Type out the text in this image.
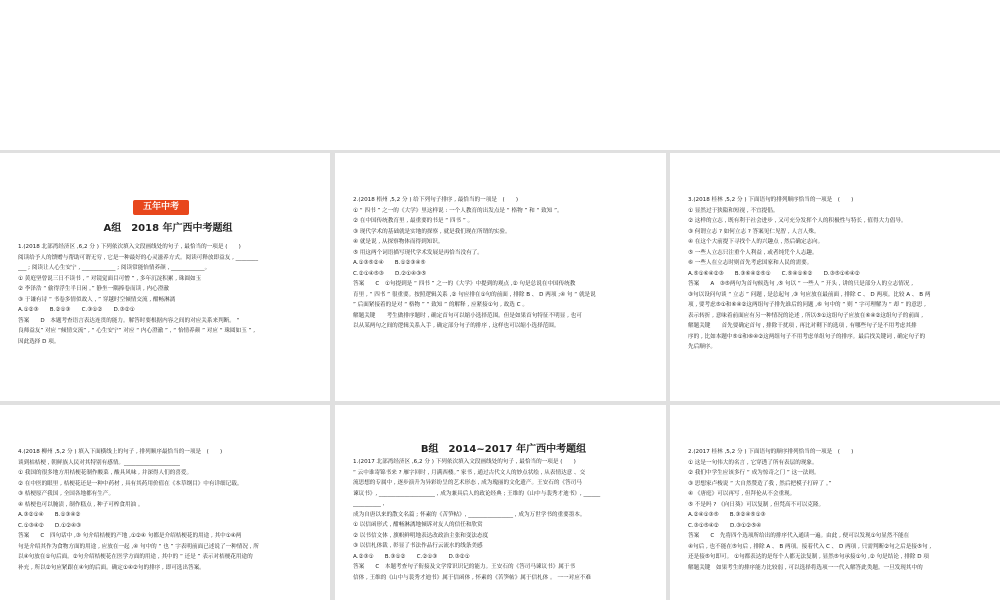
五年中考
A组　2018 年广西中考题组
1.(2018 北部湾经济区 ,6,2 分 ) 下列依次填入文段画线处的句子 , 最恰当的一项是 (　　)
阅读给予人的馈赠与帮助可谓无穷 , 它是一种最好的心灵滋养方式。阅读可释放即益友 , ________
___ ; 阅读让人心生安宁 , ____________ ; 阅读常能怡情养颜 , ____________。
① 黄庭坚曾说三日不读书 , “ 对镜觉面目可憎 ” , 多年沉淀积累 , 珠圆如玉
② 李泽浩 “ 偷得浮生半日闲 。” 静坐一隅捧卷而读 , 内心澄澈
③ 于谦有诗 “ 书卷多情似故人 , ” 穿越时空倾情交流 , 酣畅淋漓
A.①②③　　B.②①③　　C.③①②　　D.③②①
答案　　D　本题考查语言表达连贯的能力。解答时要根据内容之间的对应关系来判断。 “
良师益友” 对应 “倾情交流” , “ 心生安宁” 对应 “ 内心澄澈 ” , “ 怡情养颜 ” 对应 “ 珠圆如玉 ” ,
因此选择 D 项。
2.(2018 梧州 ,5,2 分 ) 给下列句子排序 , 最恰当的一项是　(　　)
① “ 四书 ” 之一的《大学》里这样说 : 一个人教育的出发点是 “ 格物 ” 和 “ 致知 ”。
② 在中国传统教育里 , 最重要的书是 “ 四书 ” 。
③ 现代学术的基础就是实地的探察 , 就是我们现在所谓的实验。
④ 就是说 , 从探察物体而得到知识。
⑤ 用这两个词语描写现代学术发展是再恰当没有了。
A.①③⑤②④　　B.①②③④⑤
C.②①④⑤③　　D.②①④③⑤
答案　　C　①句提到是 “ 四书 ” 之一的《大学》中提到的观点 ,② 句是总说在中国传统教
育里 , “ 四书 ” 很重要。按照逻辑关系 ,② 句应排在①句的前面 , 排除 B 、 D 两项 ;④ 句 “ 就是说
” 后面紧接着的是对 “ 格物 ” “ 致知 ” 的解释 , 应紧接①句 , 故选 C 。
解题关键　　考生做排序题时 , 确定首句可以缩小选择范围。但是如果首句特征不明显 , 也可
以从某两句之间的逻辑关系入手 , 确定部分句子的排序 , 这样也可以缩小选择范围。
3.(2018 桂林 ,5,2 分 ) 下面语句的排列顺序恰当的一项是　(　　)
① 显然过于狭隘和短视 , 不宜提倡。
② 这样的立志 , 既有利于社会进步 , 又可充分发挥个人的积极性与特长 , 值得大力倡导。
③ 何谓立志 ? 如何立志 ? 答案见仁见智 , 人言人殊。
④ 在这个大前提下寻找个人的兴趣点 , 然后确定志向。
⑤ 一些人立志只注重个人利益 , 或者纯凭个人志趣。
⑥ 一些人在立志时则首先考虑国家和人民的需要。
A.⑤①⑥④②③　　B.③⑥④②⑤①　　C.⑤④①⑥②　　D.③⑤①⑥④②
答案　　A　③⑤两句为首句候选句 ,⑤ 句以 “ 一些人 ” 开头 , 讲的只是部分人的立志情况 ,
③句以设问句谈 “ 立志 ” 问题 , 是总起句 ,③ 句应放在最前面 , 排除 C 、 D 两项。比较 A 、 B 两
项 , 要考虑⑤①和⑥④②这两组句子排先谁后的问题 ,⑥ 句中的 “ 则 ” 字可理解为 “ 却 ” 的意思 ,
表示转折 , 意味着前面应有另一种情况的论述 , 所以⑤①这组句子应放在⑥④②这组句子的前面 ,
解题关键　　首先要确定首句 , 排除干扰项 , 再比对剩下的选项 , 有哪些句子是不用考虑其排
序的 , 比如本题中⑤①和⑥④②这两组句子不用考虑单组句子的排序。最后找关键词 , 确定句子的
先后顺序。
4.(2018 柳州 ,5,2 分 ) 填入下面横线上的句子 , 排列顺序最恰当的一项是　(　　)
谈到枯桔梗 , 朝鲜族人民对其特别有感情。____________________
① 我国的很多地方用桔梗花制作酸菜 , 酸具风味 , 并深得人们的喜爱。
② 在中医的眼里 , 桔梗花还是一种中药材 , 具有其药用价值在《本草纲目》中有详细记载。
③ 桔梗原产我国 , 全国各地都有生产。
④ 桔梗也可以腌渍 , 制作糕点 , 种子可榨食用油 。
A.③②①④　　B.①③④②
C.①③④②　　D.①②④③
答案　　C　四句话中 ,③ 句介绍桔梗的产地 ,①②④ 句都是介绍桔梗花的用途 , 其中①④两
句是介绍其作为食物方面的用途 , 应放在一起 ,④ 句中的 “ 也 ” 字表明前面已述说了一种情况 , 所
以④句放在①句后面。②句介绍桔梗花在医学方面的用途 , 其中的 “ 还是 ” 表示对桔梗花用途的
补充 , 所以②句应紧跟在④句的后面。确定①④②句的排序 , 即可选出答案。
B组　2014~2017 年广西中考题组
1.(2017 北部湾经济区 ,6,2 分 ) 下列依次填入文段画线处的句子 , 最恰当的一项是 (　　)
“ 云中谁寄锦书来 ? 雁字回时 , 月满西楼。” 家书 , 通过古代文人的妙点状绘 , 从表情达意 、交
流思想的专属中 , 逐步演升为异彩纷呈的艺术形态 , 成为瑰丽的文化遗产。王安石的《答司马
谏议书》, ____________________ , 成为兼具后人的政论经典 ; 王维的《山中与裴秀才迪书》, ______
__________ ,
成为自唐以来的散文名篇 ; 怀素的《苦笋帖》, ________________ , 成为万世学书的重要墨本。
① 以信函形式 , 酣畅淋漓地倾诉对友人的信任和欣赏
② 以书信文体 , 旗帜鲜明地表达改政治主张和变法态度
③ 以信札体裁 , 彰显了书法作品行云流水的线条美感
A.②③①　　B.③①②　　C.②①③　　D.③②①
答案　　C　本题考查句子衔接及文学常识识记的能力。王安石的《答司马谏议书》属于书
信体 , 王维的《山中与裴秀才迪书》属于信函体 , 怀素的《苦笋帖》属于信札体 。 一一对应不难
2.(2017 桂林 ,5,2 分 ) 下面语句的顺序排列恰当的一项是　(　　)
① 这是一句伟大的名言 , 它穿透了所有表层的现象。
② 我们中学生应该多行 “ 成为惊奇之门 ” 这一法则。
③ 思想家卢梭说 “ 大自然赞造了我 , 然后把模子打碎了 。”
④ 《唐庭》可以再写 , 但拜伦从不会重现。
⑤ 不是吗 ? 《向日葵》可以复制 , 但梵高不可以克隆。
A.②④①③⑤　　B.③②④⑤①③
C.③①⑤④②　　D.③①②⑤④
答案　　C　先将四个选项所给出的排序代入通读一遍。由此 , 便可以发现①句显然不能在
④句后 , 也不能在⑤句后 , 排除 A 、 B 两项。接着代入 C 、 D 两项 , 只需判断②句之后是接⑤句 ,
还是接⑤句即可。 ①句都表达的是每个人都无法复制 , 显然⑤句承接①句 ,② 句是结论 , 排除 D 项
解题关键　如果考生的排序能力比较弱 , 可以选择将选项一一代入解答此类题。一旦发现其中的
